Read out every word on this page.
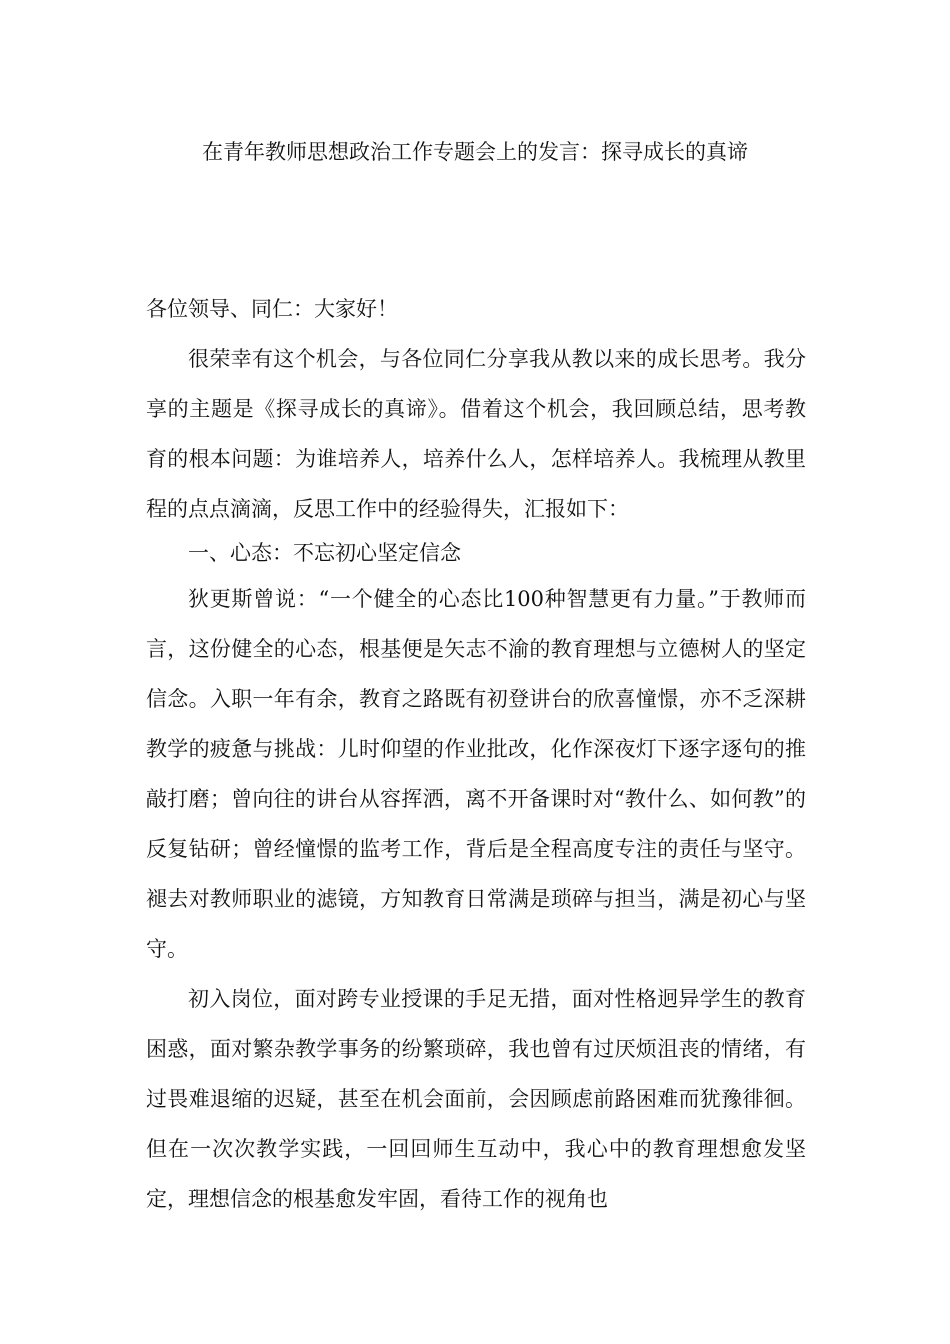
在青年教师思想政治工作专题会上的发言：探寻成长的真谛
各位领导、同仁：大家好！

很荣幸有这个机会，与各位同仁分享我从教以来的成长思考。我分享的主题是《探寻成长的真谛》。借着这个机会，我回顾总结，思考教育的根本问题：为谁培养人，培养什么人，怎样培养人。我梳理从教里程的点点滴滴，反思工作中的经验得失，汇报如下：

一、心态：不忘初心坚定信念

狄更斯曾说：“一个健全的心态比100种智慧更有力量。”于教师而言，这份健全的心态，根基便是矢志不渝的教育理想与立德树人的坚定信念。入职一年有余，教育之路既有初登讲台的欣喜憧憬，亦不乏深耕教学的疲惫与挑战：儿时仰望的作业批改，化作深夜灯下逐字逐句的推敲打磨；曾向往的讲台从容挥洒，离不开备课时对“教什么、如何教”的反复钻研；曾经憧憬的监考工作，背后是全程高度专注的责任与坚守。褪去对教师职业的滤镜，方知教育日常满是琐碎与担当，满是初心与坚守。

初入岗位，面对跨专业授课的手足无措，面对性格迥异学生的教育困惑，面对繁杂教学事务的纷繁琐碎，我也曾有过厌烦沮丧的情绪，有过畏难退缩的迟疑，甚至在机会面前，会因顾虑前路困难而犹豫徘徊。但在一次次教学实践，一回回师生互动中，我心中的教育理想愈发坚定，理想信念的根基愈发牢固，看待工作的视角也
